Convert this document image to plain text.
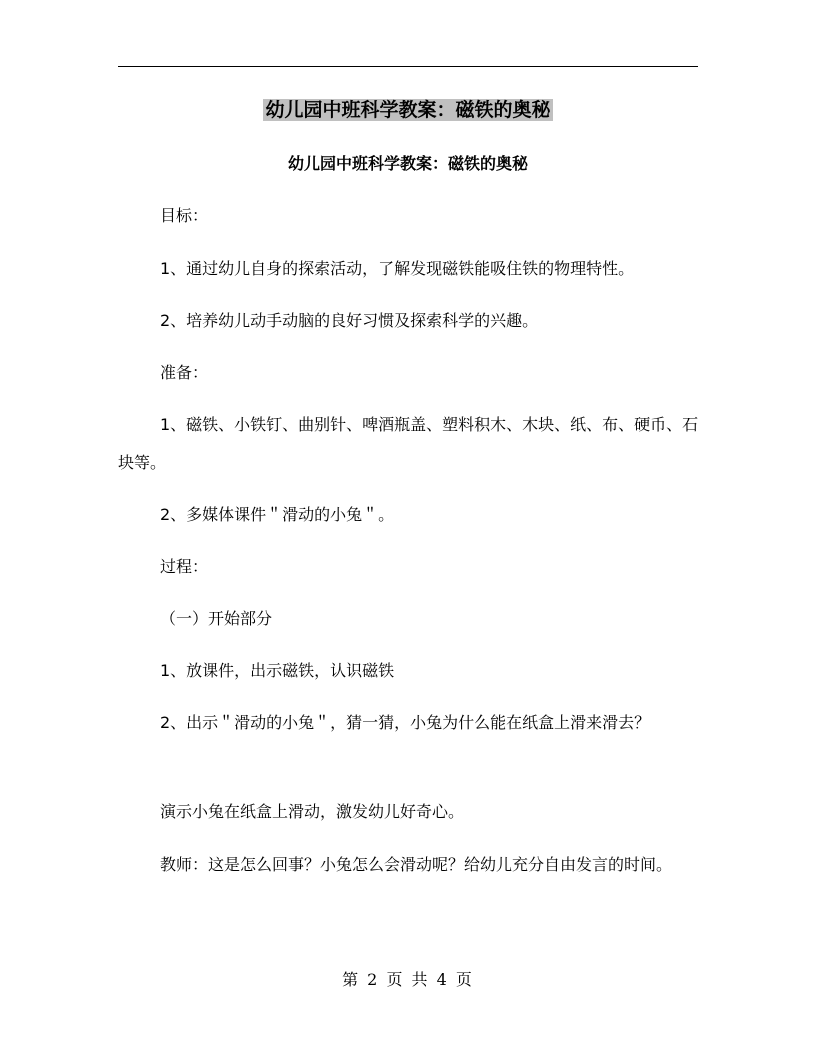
幼儿园中班科学教案：磁铁的奥秘
幼儿园中班科学教案：磁铁的奥秘

目标：

1、通过幼儿自身的探索活动，了解发现磁铁能吸住铁的物理特性。

2、培养幼儿动手动脑的良好习惯及探索科学的兴趣。

准备：

1、磁铁、小铁钉、曲别针、啤酒瓶盖、塑料积木、木块、纸、布、硬币、石块等。

2、多媒体课件＂滑动的小兔＂。

过程：

（一）开始部分

1、放课件，出示磁铁，认识磁铁

2、出示＂滑动的小兔＂，猜一猜，小兔为什么能在纸盒上滑来滑去？

演示小兔在纸盒上滑动，激发幼儿好奇心。

教师：这是怎么回事？小兔怎么会滑动呢？给幼儿充分自由发言的时间。

第 2 页 共 4 页
